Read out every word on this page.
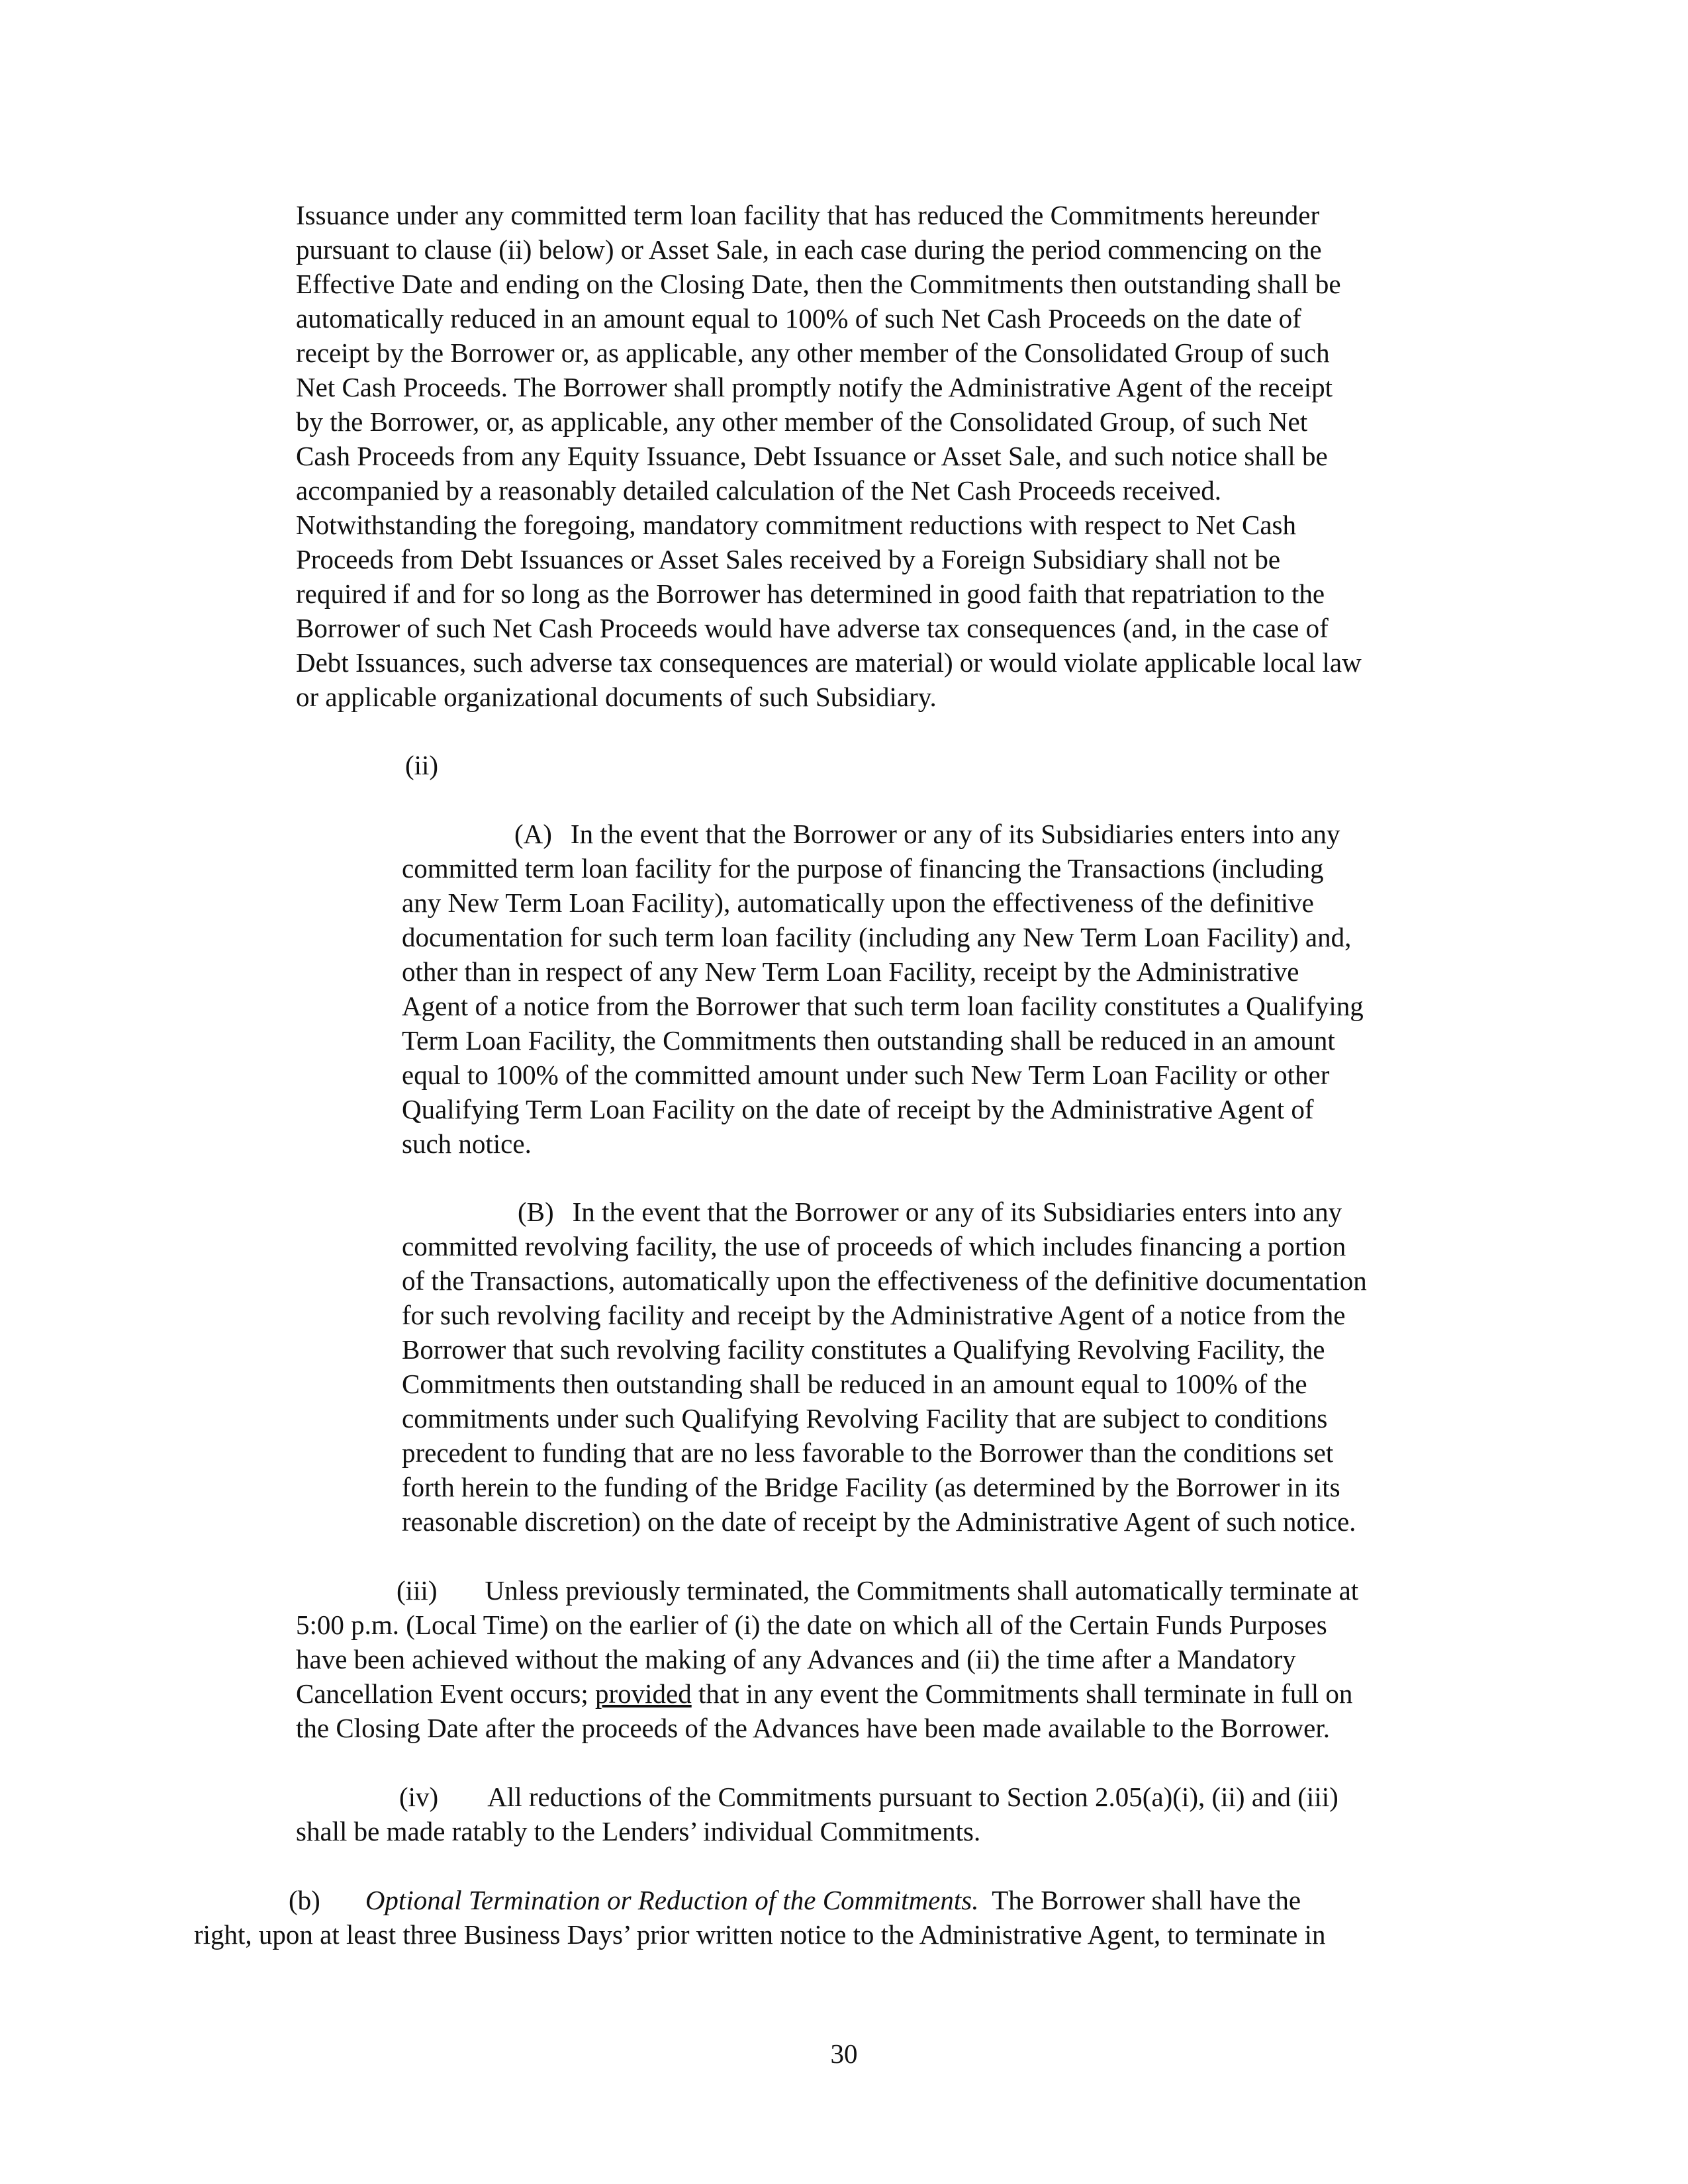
Issuance under any committed term loan facility that has reduced the Commitments hereunder
pursuant to clause (ii) below) or Asset Sale, in each case during the period commencing on the
Effective Date and ending on the Closing Date, then the Commitments then outstanding shall be
automatically reduced in an amount equal to 100% of such Net Cash Proceeds on the date of
receipt by the Borrower or, as applicable, any other member of the Consolidated Group of such
Net Cash Proceeds. The Borrower shall promptly notify the Administrative Agent of the receipt
by the Borrower, or, as applicable, any other member of the Consolidated Group, of such Net
Cash Proceeds from any Equity Issuance, Debt Issuance or Asset Sale, and such notice shall be
accompanied by a reasonably detailed calculation of the Net Cash Proceeds received.
Notwithstanding the foregoing, mandatory commitment reductions with respect to Net Cash
Proceeds from Debt Issuances or Asset Sales received by a Foreign Subsidiary shall not be
required if and for so long as the Borrower has determined in good faith that repatriation to the
Borrower of such Net Cash Proceeds would have adverse tax consequences (and, in the case of
Debt Issuances, such adverse tax consequences are material) or would violate applicable local law
or applicable organizational documents of such Subsidiary.
(ii)
(A) In the event that the Borrower or any of its Subsidiaries enters into any
committed term loan facility for the purpose of financing the Transactions (including
any New Term Loan Facility), automatically upon the effectiveness of the definitive
documentation for such term loan facility (including any New Term Loan Facility) and,
other than in respect of any New Term Loan Facility, receipt by the Administrative
Agent of a notice from the Borrower that such term loan facility constitutes a Qualifying
Term Loan Facility, the Commitments then outstanding shall be reduced in an amount
equal to 100% of the committed amount under such New Term Loan Facility or other
Qualifying Term Loan Facility on the date of receipt by the Administrative Agent of
such notice.
(B) In the event that the Borrower or any of its Subsidiaries enters into any
committed revolving facility, the use of proceeds of which includes financing a portion
of the Transactions, automatically upon the effectiveness of the definitive documentation
for such revolving facility and receipt by the Administrative Agent of a notice from the
Borrower that such revolving facility constitutes a Qualifying Revolving Facility, the
Commitments then outstanding shall be reduced in an amount equal to 100% of the
commitments under such Qualifying Revolving Facility that are subject to conditions
precedent to funding that are no less favorable to the Borrower than the conditions set
forth herein to the funding of the Bridge Facility (as determined by the Borrower in its
reasonable discretion) on the date of receipt by the Administrative Agent of such notice.
(iii) Unless previously terminated, the Commitments shall automatically terminate at
5:00 p.m. (Local Time) on the earlier of (i) the date on which all of the Certain Funds Purposes
have been achieved without the making of any Advances and (ii) the time after a Mandatory
Cancellation Event occurs; provided that in any event the Commitments shall terminate in full on
the Closing Date after the proceeds of the Advances have been made available to the Borrower.
(iv) All reductions of the Commitments pursuant to Section 2.05(a)(i), (ii) and (iii)
shall be made ratably to the Lenders’ individual Commitments.
(b) Optional Termination or Reduction of the Commitments.  The Borrower shall have the
right, upon at least three Business Days’ prior written notice to the Administrative Agent, to terminate in
30
